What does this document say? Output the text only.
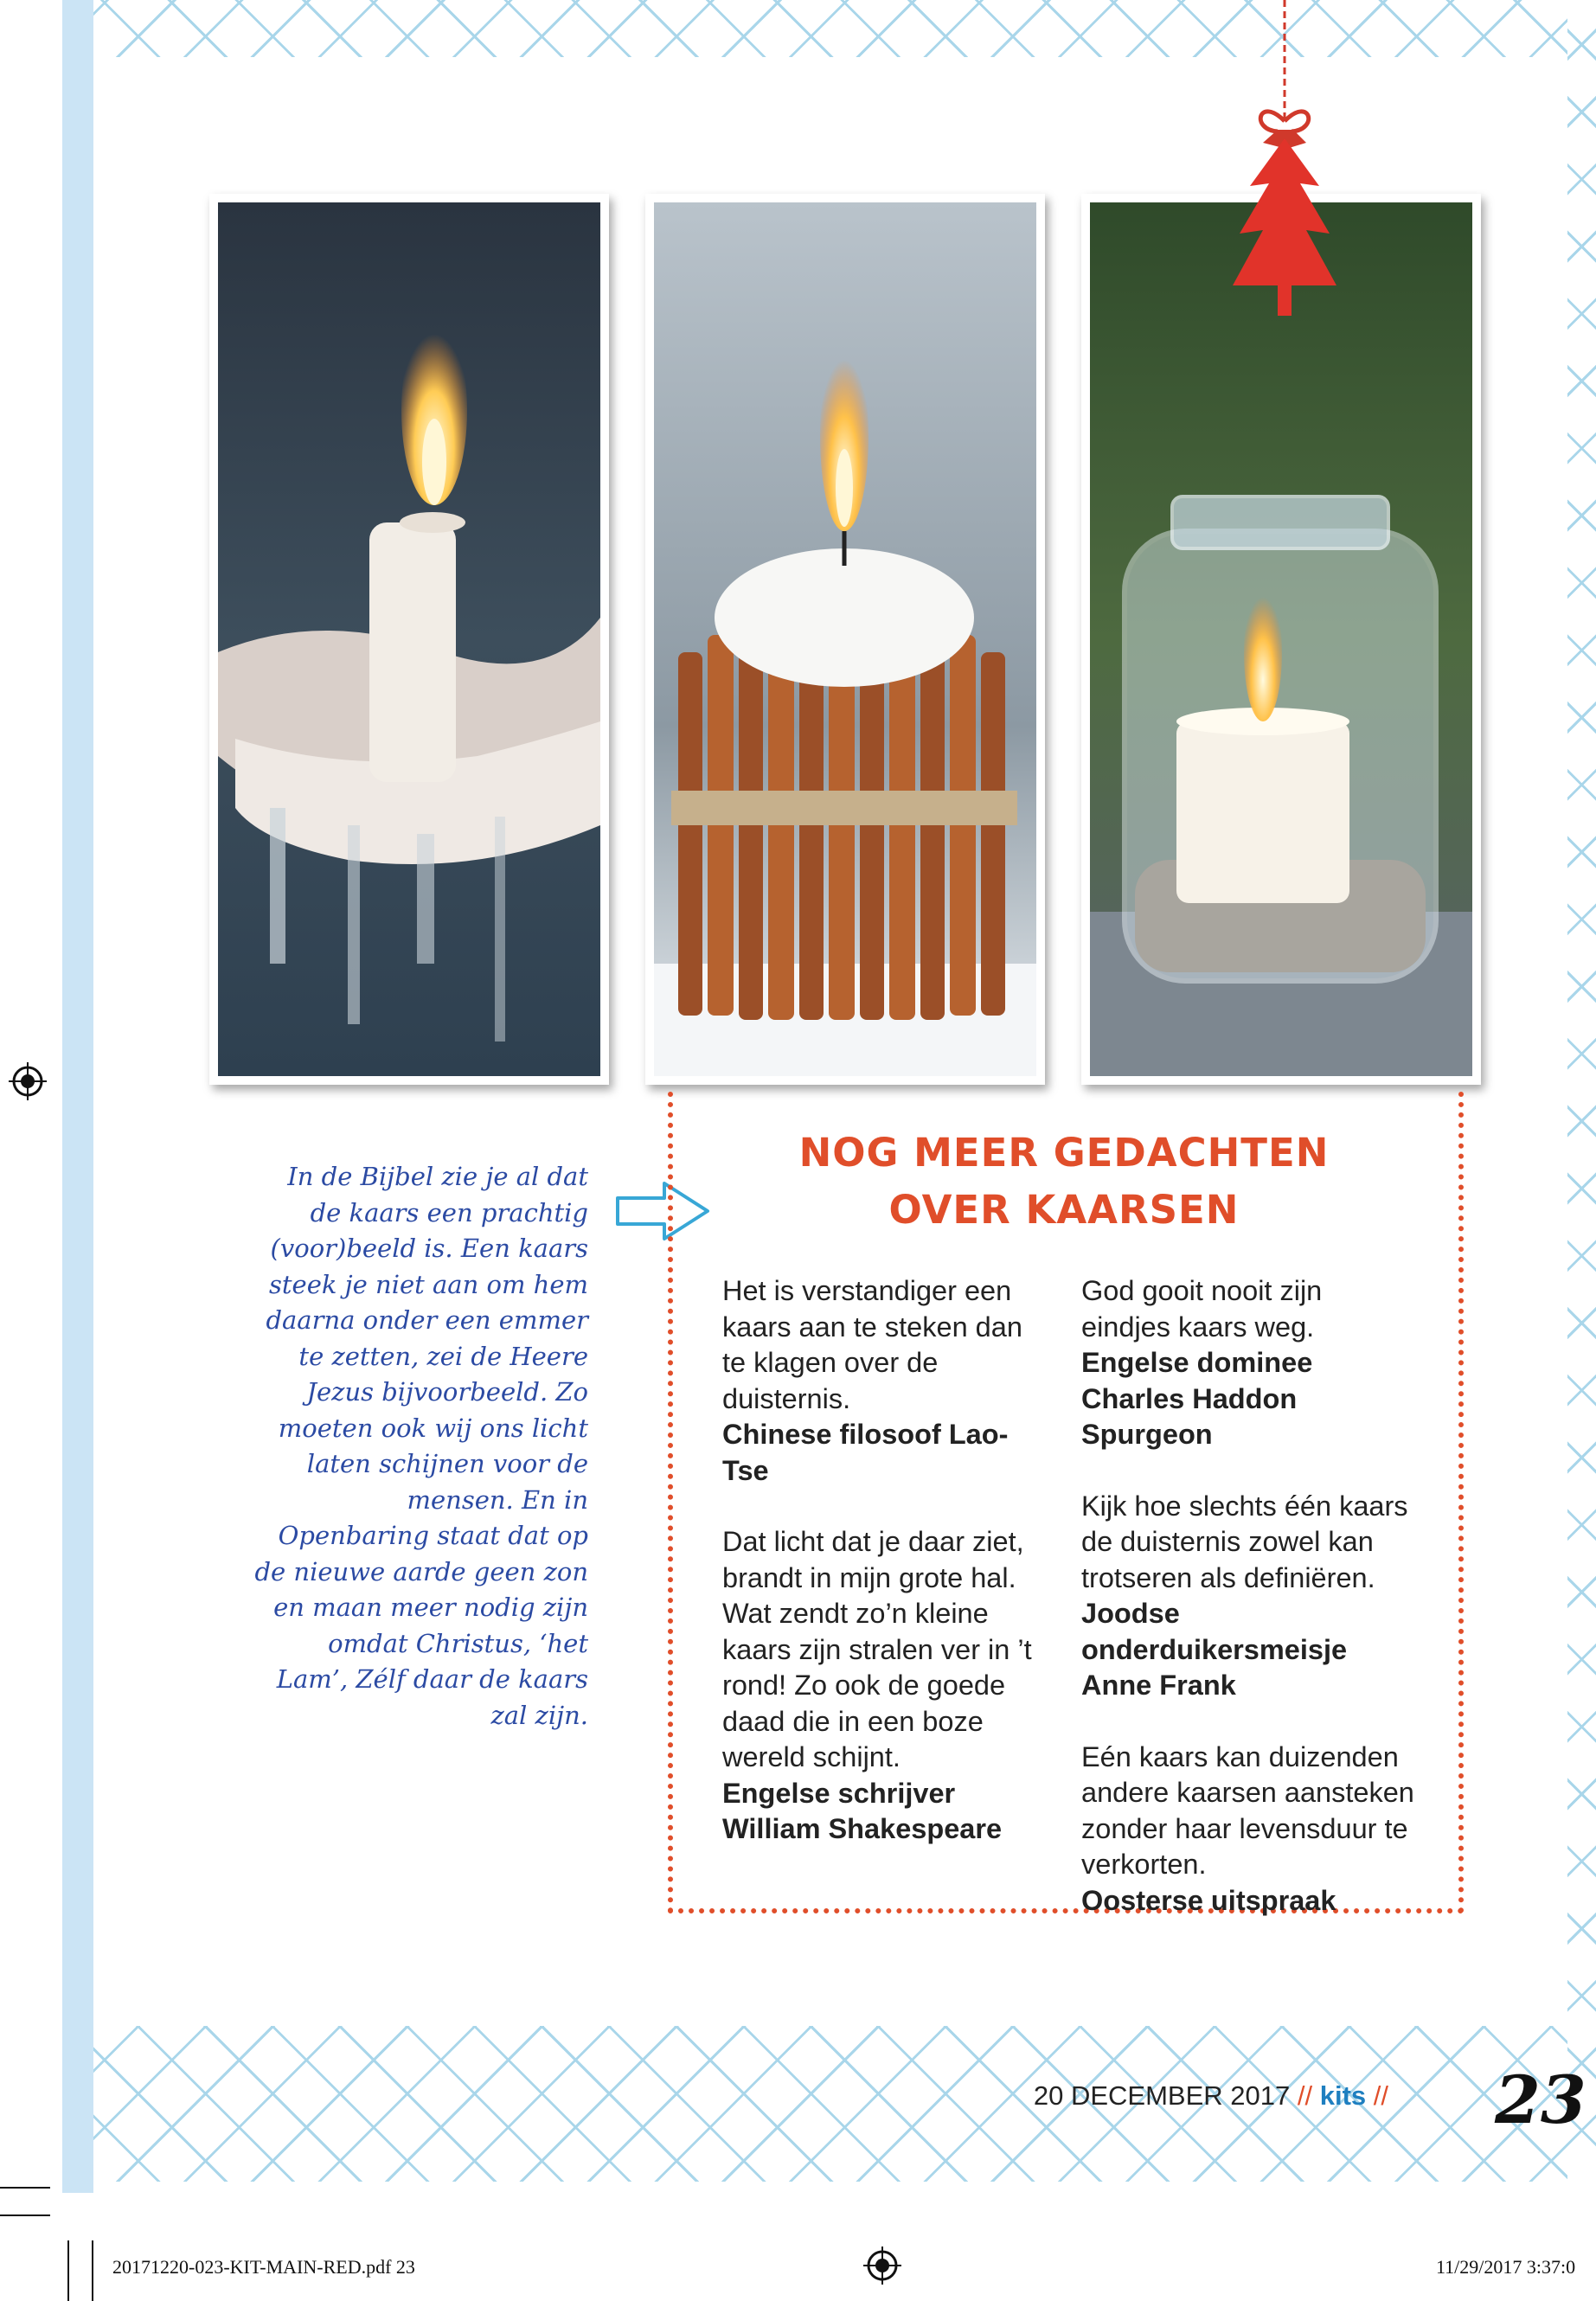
In de Bijbel zie je al dat de kaars een prachtig (voor)beeld is. Een kaars steek je niet aan om hem daarna onder een emmer te zetten, zei de Heere Jezus bijvoorbeeld. Zo moeten ook wij ons licht laten schijnen voor de mensen. En in Openbaring staat dat op de nieuwe aarde geen zon en maan meer nodig zijn omdat Christus, ‘het Lam’, Zélf daar de kaars zal zijn.
NOG MEER GEDACHTEN
OVER KAARSEN

Het is verstandiger een kaars aan te steken dan te klagen over de duisternis.
Chinese filosoof Lao-Tse

Dat licht dat je daar ziet, brandt in mijn grote hal. Wat zendt zo’n kleine kaars zijn stralen ver in ’t rond! Zo ook de goede daad die in een boze wereld schijnt.
Engelse schrijver William Shakespeare

God gooit nooit zijn eindjes kaars weg.
Engelse dominee Charles Haddon Spurgeon

Kijk hoe slechts één kaars de duisternis zowel kan trotseren als definiëren.
Joodse onderduikersmeisje Anne Frank

Eén kaars kan duizenden andere kaarsen aansteken zonder haar levensduur te verkorten.
Oosterse uitspraak

20 DECEMBER 2017 // kits // 23
20171220-023-KIT-MAIN-RED.pdf 23	11/29/2017 3:37:0
